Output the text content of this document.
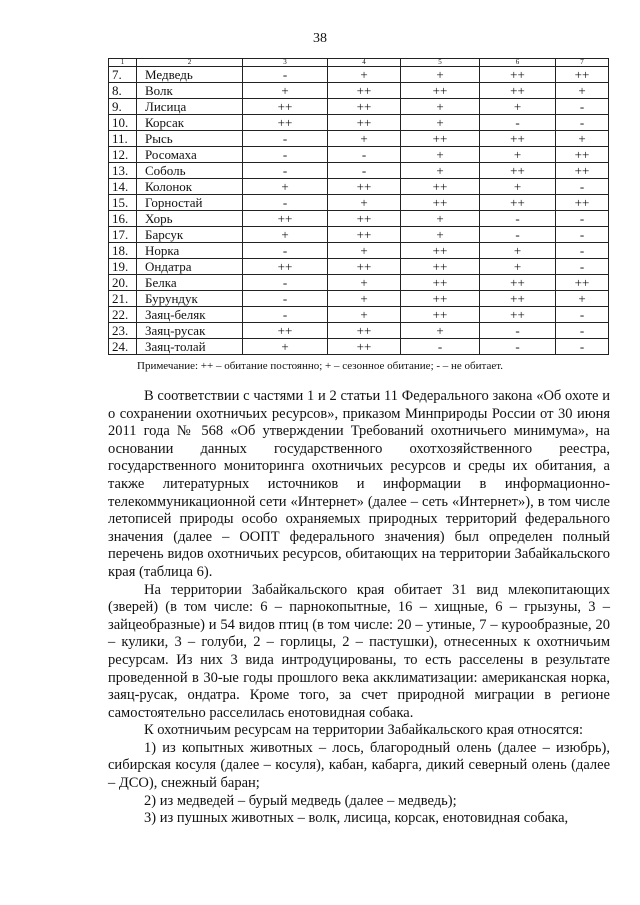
38
1	2	3	4	5	6	7
7.	Медведь	-	+	+	++	++
8.	Волк	+	++	++	++	+
9.	Лисица	++	++	+	+	-
10.	Корсак	++	++	+	-	-
11.	Рысь	-	+	++	++	+
12.	Росомаха	-	-	+	+	++
13.	Соболь	-	-	+	++	++
14.	Колонок	+	++	++	+	-
15.	Горностай	-	+	++	++	++
16.	Хорь	++	++	+	-	-
17.	Барсук	+	++	+	-	-
18.	Норка	-	+	++	+	-
19.	Ондатра	++	++	++	+	-
20.	Белка	-	+	++	++	++
21.	Бурундук	-	+	++	++	+
22.	Заяц-беляк	-	+	++	++	-
23.	Заяц-русак	++	++	+	-	-
24.	Заяц-толай	+	++	-	-	-
Примечание: ++ – обитание постоянно; + – сезонное обитание; - – не обитает.

В соответствии с частями 1 и 2 статьи 11 Федерального закона «Об охоте и о сохранении охотничьих ресурсов», приказом Минприроды России от 30 июня 2011 года № 568 «Об утверждении Требований охотничьего минимума», на основании данных государственного охотхозяйственного реестра, государственного мониторинга охотничьих ресурсов и среды их обитания, а также литературных источников и информации в информационно-телекоммуникационной сети «Интернет» (далее – сеть «Интернет»), в том числе летописей природы особо охраняемых природных территорий федерального значения (далее – ООПТ федерального значения) был определен полный перечень видов охотничьих ресурсов, обитающих на территории Забайкальского края (таблица 6).

На территории Забайкальского края обитает 31 вид млекопитающих (зверей) (в том числе: 6 – парнокопытные, 16 – хищные, 6 – грызуны, 3 – зайцеобразные) и 54 видов птиц (в том числе: 20 – утиные, 7 – курообразные, 20 – кулики, 3 – голуби, 2 – горлицы, 2 – пастушки), отнесенных к охотничьим ресурсам. Из них 3 вида интродуцированы, то есть расселены в результате проведенной в 30-ые годы прошлого века акклиматизации: американская норка, заяц-русак, ондатра. Кроме того, за счет природной миграции в регионе самостоятельно расселилась енотовидная собака.

К охотничьим ресурсам на территории Забайкальского края относятся:

1) из копытных животных – лось, благородный олень (далее – изюбрь), сибирская косуля (далее – косуля), кабан, кабарга, дикий северный олень (далее – ДСО), снежный баран;

2) из медведей – бурый медведь (далее – медведь);

3) из пушных животных – волк, лисица, корсак, енотовидная собака,
